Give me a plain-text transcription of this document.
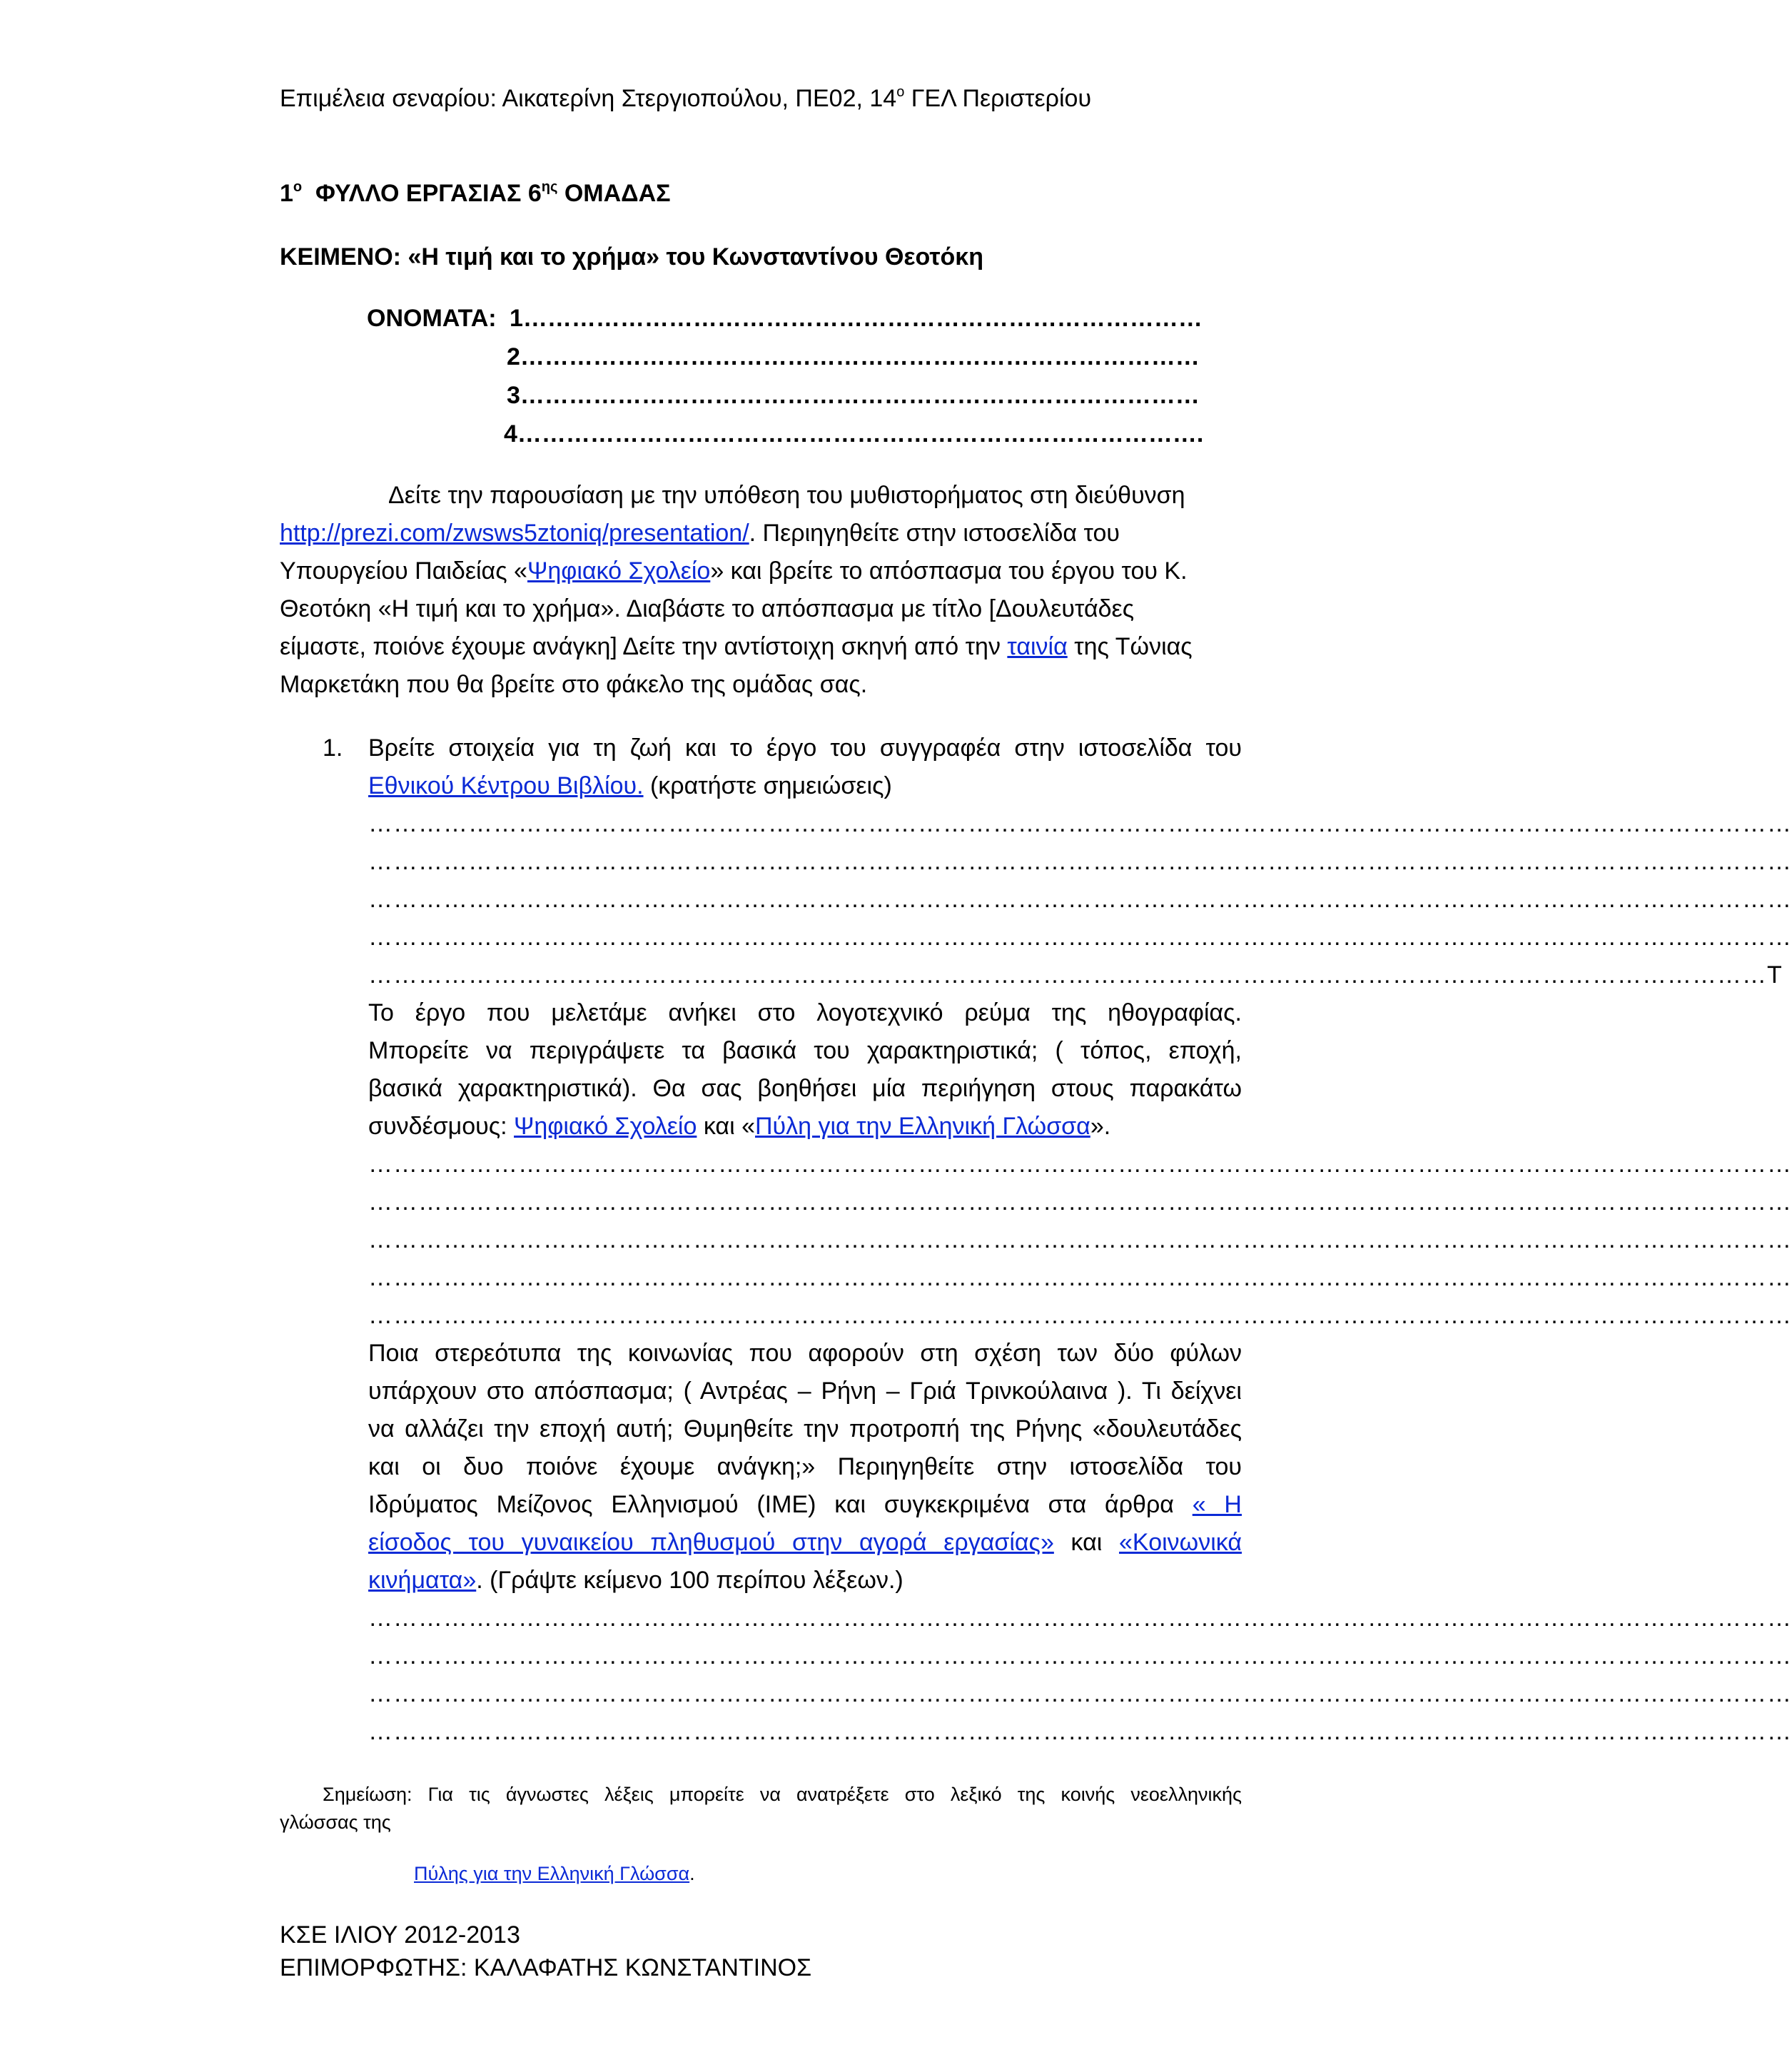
Επιμέλεια σεναρίου: Αικατερίνη Στεργιοπούλου, ΠΕ02, $14^o$ ΓΕΛ Περιστερίου
$1^o$ ΦΥΛΛΟ ΕΡΓΑΣΙΑΣ $6^{\eta\varsigma}$ ΟΜΑΔΑΣ
ΚΕΙΜΕΝΟ: «Η τιμή και το χρήμα» του Κωνσταντίνου Θεοτόκη
ΟΝΟΜΑΤΑ: 1…………………………………………………………………………
2…………………………………………………………………………
3…………………………………………………………………………
4………………………………………………………………………….
Δείτε την παρουσίαση με την υπόθεση του μυθιστορήματος στη διεύθυνση
http://prezi.com/zwsws5ztoniq/presentation/. Περιηγηθείτε στην ιστοσελίδα του
Υπουργείου Παιδείας «Ψηφιακό Σχολείο» και βρείτε το απόσπασμα του έργου του Κ.
Θεοτόκη «Η τιμή και το χρήμα». Διαβάστε το απόσπασμα με τίτλο [Δουλευτάδες
είμαστε, ποιόνε έχουμε ανάγκη] Δείτε την αντίστοιχη σκηνή από την ταινία της Τώνιας
Μαρκετάκη που θα βρείτε στο φάκελο της ομάδας σας.
1. Βρείτε στοιχεία για τη ζωή και το έργο του συγγραφέα στην ιστοσελίδα του
Εθνικού Κέντρου Βιβλίου. (κρατήστε σημειώσεις)
………………………………………………………………………………………………………………………………………………………
………………………………………………………………………………………………………………………………………………………
………………………………………………………………………………………………………………………………………………………
………………………………………………………………………………………………………………………………………………………
……………………………………………………………………………………………………………………………………………………Τ
Το έργο που μελετάμε ανήκει στο λογοτεχνικό ρεύμα της ηθογραφίας.
Μπορείτε να περιγράψετε τα βασικά του χαρακτηριστικά; ( τόπος, εποχή,
βασικά χαρακτηριστικά). Θα σας βοηθήσει μία περιήγηση στους παρακάτω
συνδέσμους: Ψηφιακό Σχολείο και «Πύλη για την Ελληνική Γλώσσα».
………………………………………………………………………………………………………………………………………………………
………………………………………………………………………………………………………………………………………………………
………………………………………………………………………………………………………………………………………………………
………………………………………………………………………………………………………………………………………………………
………………………………………………………………………………………………………………………………………………………
Ποια στερεότυπα της κοινωνίας που αφορούν στη σχέση των δύο φύλων
υπάρχουν στο απόσπασμα; ( Αντρέας – Ρήνη – Γριά Τρινκούλαινα ). Τι δείχνει
να αλλάζει την εποχή αυτή; Θυμηθείτε την προτροπή της Ρήνης «δουλευτάδες
και οι δυο ποιόνε έχουμε ανάγκη;» Περιηγηθείτε στην ιστοσελίδα του
Ιδρύματος Μείζονος Ελληνισμού (ΙΜΕ) και συγκεκριμένα στα άρθρα « Η
είσοδος του γυναικείου πληθυσμού στην αγορά εργασίας» και «Κοινωνικά
κινήματα». (Γράψτε κείμενο 100 περίπου λέξεων.)
………………………………………………………………………………………………………………………………………………………
………………………………………………………………………………………………………………………………………………………
………………………………………………………………………………………………………………………………………………………
………………………………………………………………………………………………………………………………………………………
Σημείωση: Για τις άγνωστες λέξεις μπορείτε να ανατρέξετε στο λεξικό της κοινής νεοελληνικής
γλώσσας της
Πύλης για την Ελληνική Γλώσσα.
ΚΣΕ ΙΛΙΟΥ 2012-2013
ΕΠΙΜΟΡΦΩΤΗΣ: ΚΑΛΑΦΑΤΗΣ ΚΩΝΣΤΑΝΤΙΝΟΣ
